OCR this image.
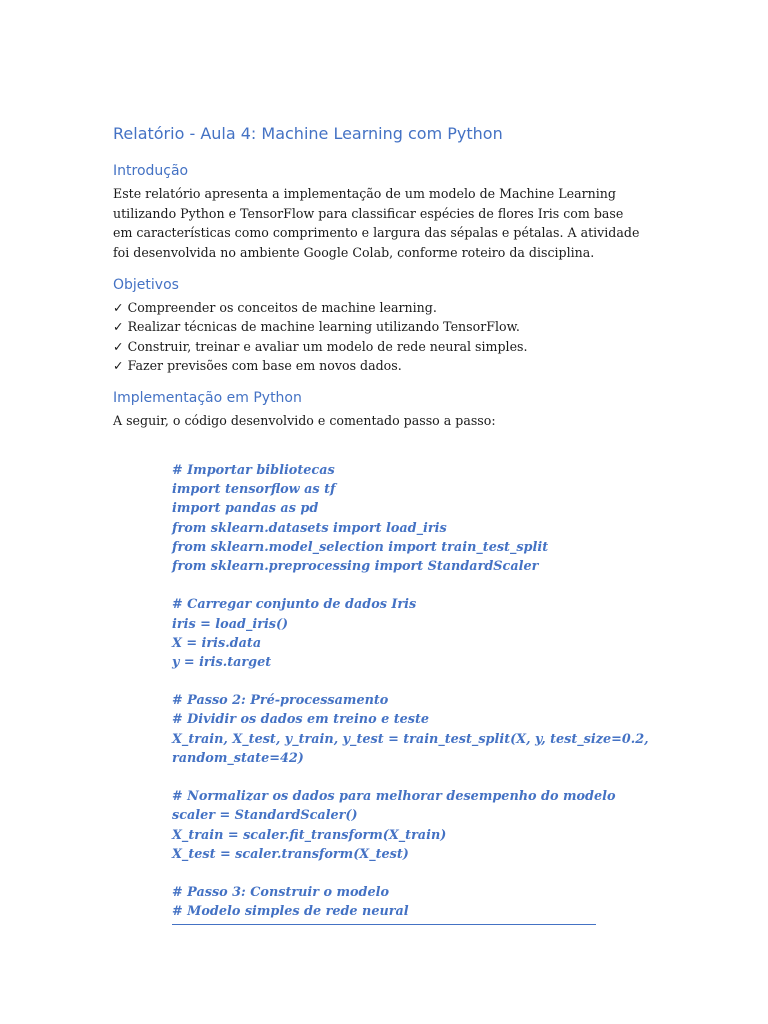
Relatório - Aula 4: Machine Learning com Python
Introdução

Este relatório apresenta a implementação de um modelo de Machine Learning utilizando Python e TensorFlow para classificar espécies de flores Iris com base em características como comprimento e largura das sépalas e pétalas. A atividade foi desenvolvida no ambiente Google Colab, conforme roteiro da disciplina.

Objetivos
✓ Compreender os conceitos de machine learning.
✓ Realizar técnicas de machine learning utilizando TensorFlow.
✓ Construir, treinar e avaliar um modelo de rede neural simples.
✓ Fazer previsões com base em novos dados.
Implementação em Python

A seguir, o código desenvolvido e comentado passo a passo:

# Importar bibliotecas
import tensorflow as tf
import pandas as pd
from sklearn.datasets import load_iris
from sklearn.model_selection import train_test_split
from sklearn.preprocessing import StandardScaler
# Carregar conjunto de dados Iris
iris = load_iris()
X = iris.data
y = iris.target
# Passo 2: Pré-processamento
# Dividir os dados em treino e teste
X_train, X_test, y_train, y_test = train_test_split(X, y, test_size=0.2,
random_state=42)
# Normalizar os dados para melhorar desempenho do modelo
scaler = StandardScaler()
X_train = scaler.fit_transform(X_train)
X_test = scaler.transform(X_test)
# Passo 3: Construir o modelo
# Modelo simples de rede neural
